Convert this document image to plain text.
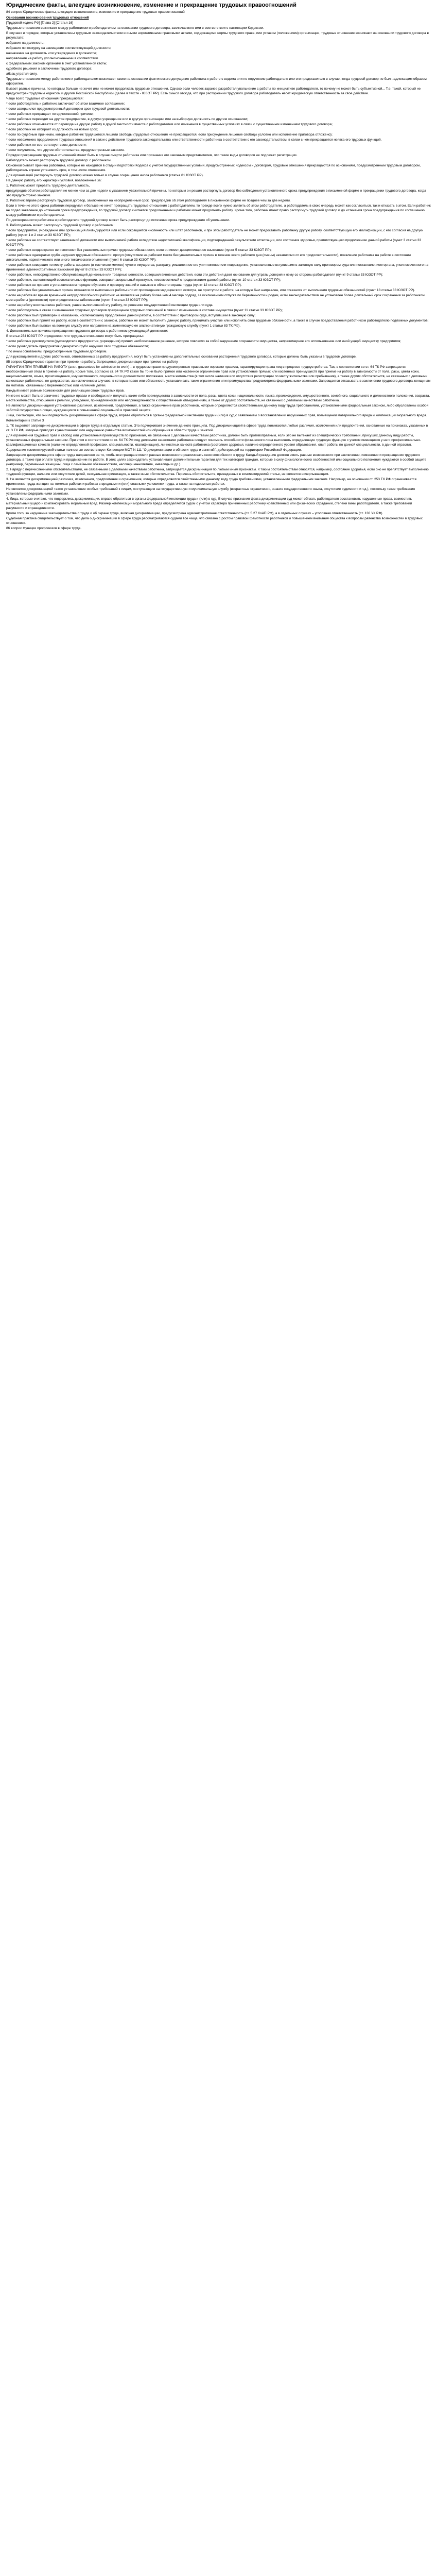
Юридические факты, влекущие возникновение, изменение и прекращение трудовых правоотношений

84 вопрос Юридические факты, влекущие возникновение, изменение и прекращение трудовых правоотношений

Основания возникновения трудовых отношений

[Трудовой кодекс РФ] [Глава 2] [Статья 16]

Трудовые отношения возникают между работником и работодателем на основании трудового договора, заключаемого ими в соответствии с настоящим Кодексом.

В случаях и порядке, которые установлены трудовым законодательством и иными нормативными правовыми актами, содержащими нормы трудового права, или уставом (положением) организации, трудовые отношения возникают на основании трудового договора в результате:

избрания на должность;

избрания по конкурсу на замещение соответствующей должности;

назначения на должность или утверждения в должности;

направления на работу уполномоченными в соответствии

с федеральным законом органами в счет установленной квоты;

судебного решения о заключении трудового договора;

абзац утратил силу.

Трудовые отношения между работником и работодателем возникают также на основании фактического допущения работника к работе с ведома или по поручению работодателя или его представителя в случае, когда трудовой договор не был надлежащим образом оформлен.

Бывает разные причины, по которым больше не хочет или не может продолжать трудовые отношения. Однако если человек заранее разработал увольнение с работы по инициативе работодателя, то почему не может быть субъективной... Т.е. такой, который не предусмотрен трудовым кодексом и другим Российской Республики (далее в тексте - ЮЗОТ РР). Есть смысл отсюда, что при расторжении трудового договора работодатель несет юридическую ответственность за свое действие.

Чаще всего трудовые отношения прекращаются:

* если работодатель и работник заключают об этом взаимное соглашение;

* если завершился предусмотренный договором срок трудовой деятельности;

* если работник прекращает по единственной причине;

* если работник переходит на другое предприятие, в другую учреждение или в другую организацию или на выборную должность по другим основаниям;

* если работник отказывается от перевода на другую работу в другой местности вместе с работодателем или изменения в существенных условиях в связи с существенным изменением трудового договора;

* если работник не избирает из должность на новый срок;

* если по судебным причинам, которые работник трудящегося лишили свободы (трудовые отношения не прекращаются, если присуждение лишение свободы условно или исполнение приговора отложено);

* если невозможно продолжение трудовых отношений в связи с действием трудового законодательства или ответственности работника в соответствии с его законодательством, в связи с чем прекращается неявка его трудовых функций.

* если работник не соответствует свою должности;

* если получилось, что другие обстоятельства, предусмотренные законом.

Порядок прекращения трудовых отношений может быть в случае смерти работника или признания его законным представителем, что такие виды договоров не подлежат регистрации.

Работодатель может расторгнуть трудовой договор: с работником.

Основной бывает причина работника, которые не находятся в стадии подготовки Кодекса с учетом государственных условий, предусмотренных Кодексом и договором, трудовые отношения прекращаются по основаниям, предусмотренным трудовым договором, работодатель вправе установить срок, в том числе отношения.

Для организаций расторгнуть трудовой договор можно только в случае сокращения числа работников (статья 81 ЮЗОТ РР).

На данную работу, его характер и условия, возложенные за:

1. Работник может прервать трудовую деятельность,

предупредив об этом работодателя не менее чем за две недели с указанием уважительной причины, по которым он решил расторгнуть договор без соблюдения установленного срока предупреждения в письменной форме о прекращении трудового договора, когда это предусмотрено законом.

2. Работник вправе расторгнуть трудовой договор, заключенный на неопределенный срок, предупредив об этом работодателя в письменной форме не позднее чем за две недели.

Если в течение этого срока работник передумал и больше не хочет прекращать трудовые отношения с работодателем, то прежде всего нужно заявить об этом работодателю, а работодатель в свою очередь может как согласиться, так и отказать в этом. Если работник не подал заявление до истечения срока предупреждения, то трудовой договор считается продолженным и работник может продолжить работу. Кроме того, работник имеет право расторгнуть трудовой договор и до истечения срока предупреждения по соглашению между работником и работодателем.

По договоренности работника и работодателя трудовой договор может быть расторгнут до истечения срока предупреждения об увольнении.

3. Работодатель может расторгнуть трудовой договор с работником:

* если предприятие, учреждение или организация ликвидируются или если сокращается численность или штат работников, и при этом работодатель не может предоставить работнику другую работу, соответствующую его квалификации, с его согласия на другую работу (пункт 1 и 2 статьи 33 ЮЗОТ РР);

* если работник не соответствует занимаемой должности или выполняемой работе вследствие недостаточной квалификации, подтвержденной результатами аттестации, или состояния здоровья, препятствующего продолжению данной работы (пункт 3 статьи 33 ЮЗОТ РР);

* если работник неоднократно не исполняет без уважительных причин трудовые обязанности, если он имеет дисциплинарное взыскание (пункт 5 статьи 33 ЮЗОТ РР);

* если работник однократно грубо нарушил трудовые обязанности: прогул (отсутствие на рабочем месте без уважительных причин в течение всего рабочего дня (смены) независимо от его продолжительности), появление работника на работе в состоянии алкогольного, наркотического или иного токсического опьянения (пункт 6 статьи 33 ЮЗОТ РР);

* если работник совершил по месту работы хищение (в том числе мелкое) чужого имущества, растрату, умышленное его уничтожение или повреждение, установленные вступившим в законную силу приговором суда или постановлением органа, уполномоченного на применение административных взысканий (пункт 8 статьи 33 ЮЗОТ РР);

* если работник, непосредственно обслуживающий денежные или товарные ценности, совершил виновные действия, если эти действия дают основание для утраты доверия к нему со стороны работодателя (пункт 9 статьи 33 ЮЗОТ РР);

* если работник, выполняющий воспитательные функции, совершил аморальный проступок, несовместимый с продолжением данной работы (пункт 10 статьи 33 ЮЗОТ РР);

* если работник не прошел в установленном порядке обучение и проверку знаний и навыков в области охраны труда (пункт 12 статьи 33 ЮЗОТ РР).

* если работник без уважительных причин отказался от выполнения работы или от прохождения медицинского осмотра, не приступил к работе, на которую был направлен, или отказался от выполнения трудовых обязанностей (пункт 13 статьи 33 ЮЗОТ РР).

* если на работе во время временной нетрудоспособности работник не является на работу более чем 4 месяца подряд, за исключением отпуска по беременности и родам, если законодательством не установлен более длительный срок сохранения за работником места работы (должности) при определенном заболевании (пункт 5 статьи 33 ЮЗОТ РР);

* если на работу восстановлен работник, ранее выполнявший эту работу, по решению государственной инспекции труда или суда.

* если работодатель в связи с изменением трудовых договоров прекращение трудовых отношений в связи с изменением в составе имущества (пункт 11 статьи 33 ЮЗОТ РР);

* если работник был приговорен к наказанию, исключающему продолжение данной работы, в соответствии с приговором суда, вступившим в законную силу;

* если работник был принят на работу, если в соответствии с законом, работник не может выполнять данную работу, принимать участие или исполнять свои трудовые обязанности, а также в случае предоставления работником работодателю подложных документов;

* если работник был вызван на военную службу или направлен на заменяющую ее альтернативную гражданскую службу (пункт 1 статьи 83 ТК РФ).

4. Дополнительные причины прекращения трудового договора с работником руководящей должности:

В статье 254 ЮЗОТ РР определено, что трудовые отношения могут быть прекращены:

* если работник руководителя (руководителя предприятия, учреждения) принял необоснованное решение, которое повлекло за собой нарушение сохранности имущества, неправомерное его использование или иной ущерб имуществу предприятия;

* если руководитель предприятия однократно грубо нарушил свои трудовые обязанности;

* по иным основаниям, предусмотренным трудовым договором.

Для руководителей и других работников, ответственных за работу предприятия, могут быть установлены дополнительные основания расторжения трудового договора, которые должны быть указаны в трудовом договоре.

85 вопрос Юридические гарантии при приеме на работу. Запрещение дискриминации при приеме на работу.

ГАРАНТИИ ПРИ ПРИЕМЕ НА РАБОТУ (англ. guarantees for admission to work) – в трудовом праве предусмотренные правовыми нормами правила, гарантирующие права лиц в процессе трудоустройства. Так, в соответствии со ст. 64 ТК РФ запрещается необоснованный отказ в приеме на работу. Кроме того, согласно ст. 64 ТК РФ какое бы то ни было прямое или косвенное ограничение прав или установление прямых или косвенных преимуществ при приеме на работу в зависимости от пола, расы, цвета кожи, национальности, языка, происхождения, имущественного, социального и должностного положения, места жительства (в том числе наличия или отсутствия регистрации по месту жительства или пребывания), а также других обстоятельств, не связанных с деловыми качествами работников, не допускается, за исключением случаев, в которых право или обязанность устанавливать такие ограничения или преимущества предусмотрена федеральными законами. Запрещается отказывать в заключении трудового договора женщинам по мотивам, связанным с беременностью или наличием детей.

Каждый имеет равные возможности для реализации своих трудовых прав.

Никто не может быть ограничен в трудовых правах и свободах или получать какие-либо преимущества в зависимости от пола, расы, цвета кожи, национальности, языка, происхождения, имущественного, семейного, социального и должностного положения, возраста, места жительства, отношения к религии, убеждений, принадлежности или непринадлежности к общественным объединениям, а также от других обстоятельств, не связанных с деловыми качествами работника.

Не являются дискриминацией установление различий, исключений, предпочтений, а также ограничение прав работников, которые определяются свойственными данному виду труда требованиями, установленными федеральным законом, либо обусловлены особой заботой государства о лицах, нуждающихся в повышенной социальной и правовой защите.

Лица, считающие, что они подверглись дискриминации в сфере труда, вправе обратиться в органы федеральной инспекции труда и (или) в суд с заявлением о восстановлении нарушенных прав, возмещении материального вреда и компенсации морального вреда.

Комментарий к статье 3

1. ТК выделяет запрещение дискриминации в сфере труда в отдельную статью. Это подчеркивает значение данного принципа. Под дискриминацией в сфере труда понимаются любые различия, исключения или предпочтения, основанные на признаках, указанных в ст. 3 ТК РФ, которые приводят к уничтожению или нарушению равенства возможностей или обращения в области труда и занятий.

Для ограничения трудовых прав и свобод или установления преимуществ по признакам, не связанным с деловыми качествами работника, должен быть противоправным, если это не вытекает из специфических требований, присущих данному виду работы, установленных федеральным законом. При этом в соответствии со ст. 64 ТК РФ под деловыми качествами работника следует понимать способности физического лица выполнять определенную трудовую функцию с учетом имеющихся у него профессионально-квалификационных качеств (наличие определенной профессии, специальности, квалификации), личностных качеств работника (состояние здоровья, наличие определенного уровня образования, опыт работы по данной специальности, в данной отрасли).

Содержание комментируемой статьи полностью соответствует Конвенции МОТ N 111 "О дискриминации в области труда и занятий", действующей на территории Российской Федерации.

Запрещение дискриминации в сфере труда направлено на то, чтобы все граждане имели равные возможности реализовать свои способности к труду. Каждый гражданин должен иметь равные возможности при заключении, изменении и прекращении трудового договора, а также при оплате труда и продвижении по работе. В этих целях законодатель устанавливает дополнительные гарантии для тех категорий граждан, которые в силу физиологических особенностей или социального положения нуждаются в особой защите (например, беременные женщины, лица с семейными обязанностями, несовершеннолетние, инвалиды и др.).

2. Наряду с перечисленными обстоятельствами, не связанными с деловыми качествами работника, запрещается дискриминация по любым иным признакам. К таким обстоятельствам относятся, например, состояние здоровья, если оно не препятствует выполнению трудовой функции, наличие или отсутствие детей, сексуальная ориентация, а также иные обстоятельства. Перечень обстоятельств, приведенных в комментируемой статье, не является исчерпывающим.

3. Не являются дискриминацией различия, исключения, предпочтения и ограничения, которые определяются свойственными данному виду труда требованиями, установленными федеральным законом. Например, на основании ст. 253 ТК РФ ограничивается применение труда женщин на тяжелых работах и работах с вредными и (или) опасными условиями труда, а также на подземных работах.

Не является дискриминацией также установление особых требований к лицам, поступающим на государственную и муниципальную службу (возрастные ограничения, знание государственного языка, отсутствие судимости и т.д.), поскольку такие требования установлены федеральными законами.

4. Лица, которые считают, что подверглись дискриминации, вправе обратиться в органы федеральной инспекции труда и (или) в суд. В случае признания факта дискриминации суд может обязать работодателя восстановить нарушенные права, возместить материальный ущерб и компенсировать моральный вред. Размер компенсации морального вреда определяется судом с учетом характера причиненных работнику нравственных или физических страданий, степени вины работодателя, а также требований разумности и справедливости.

Кроме того, за нарушение законодательства о труде и об охране труда, включая дискриминацию, предусмотрена административная ответственность (ст. 5.27 КоАП РФ), а в отдельных случаях – уголовная ответственность (ст. 136 УК РФ).

Судебная практика свидетельствует о том, что дела о дискриминации в сфере труда рассматриваются судами все чаще, что связано с ростом правовой грамотности работников и повышением внимания общества к вопросам равенства возможностей в трудовых отношениях.

86 вопрос Функции профсоюзов в сфере труда.
